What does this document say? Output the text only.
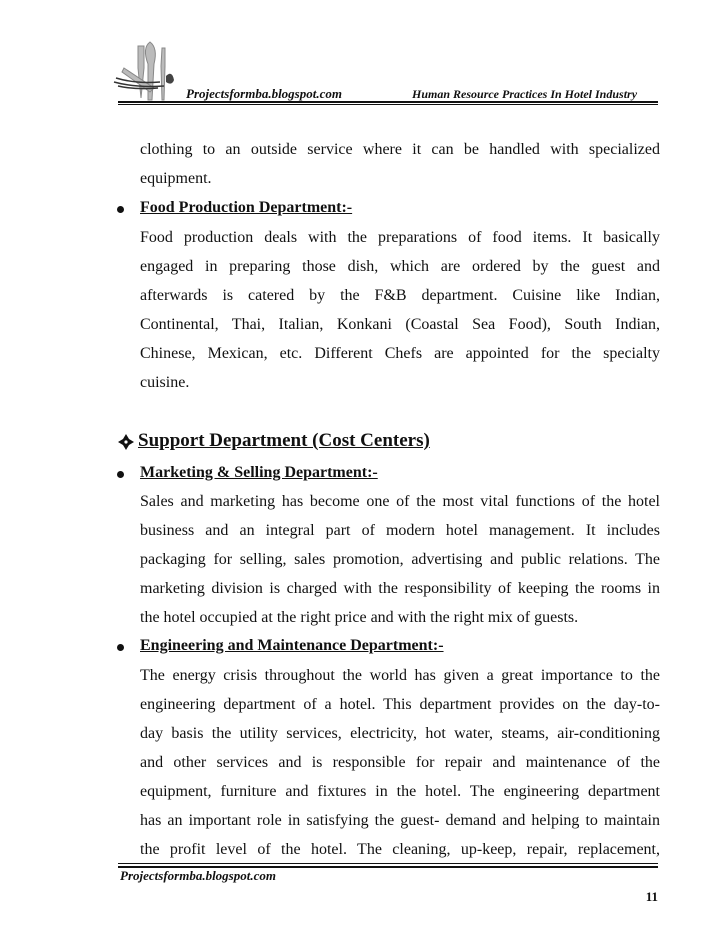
Projectsformba.blogspot.com	Human Resource Practices In Hotel Industry
clothing to an outside service where it can be handled with specialized
equipment.
Food Production Department:-
Food production deals with the preparations of food items. It basically
engaged in preparing those dish, which are ordered by the guest and
afterwards is catered by the F&B department. Cuisine like Indian,
Continental, Thai, Italian, Konkani (Coastal Sea Food), South Indian,
Chinese, Mexican, etc. Different Chefs are appointed for the specialty
cuisine.
Support Department (Cost Centers)
Marketing & Selling Department:-
Sales and marketing has become one of the most vital functions of the hotel
business and an integral part of modern hotel management. It includes
packaging for selling, sales promotion, advertising and public relations. The
marketing division is charged with the responsibility of keeping the rooms in
the hotel occupied at the right price and with the right mix of guests.
Engineering and Maintenance Department:-
The energy crisis throughout the world has given a great importance to the
engineering department of a hotel. This department provides on the day-to-
day basis the utility services, electricity, hot water, steams, air-conditioning
and other services and is responsible for repair and maintenance of the
equipment, furniture and fixtures in the hotel. The engineering department
has an important role in satisfying the guest- demand and helping to maintain
the profit level of the hotel. The cleaning, up-keep, repair, replacement,
Projectsformba.blogspot.com
11
